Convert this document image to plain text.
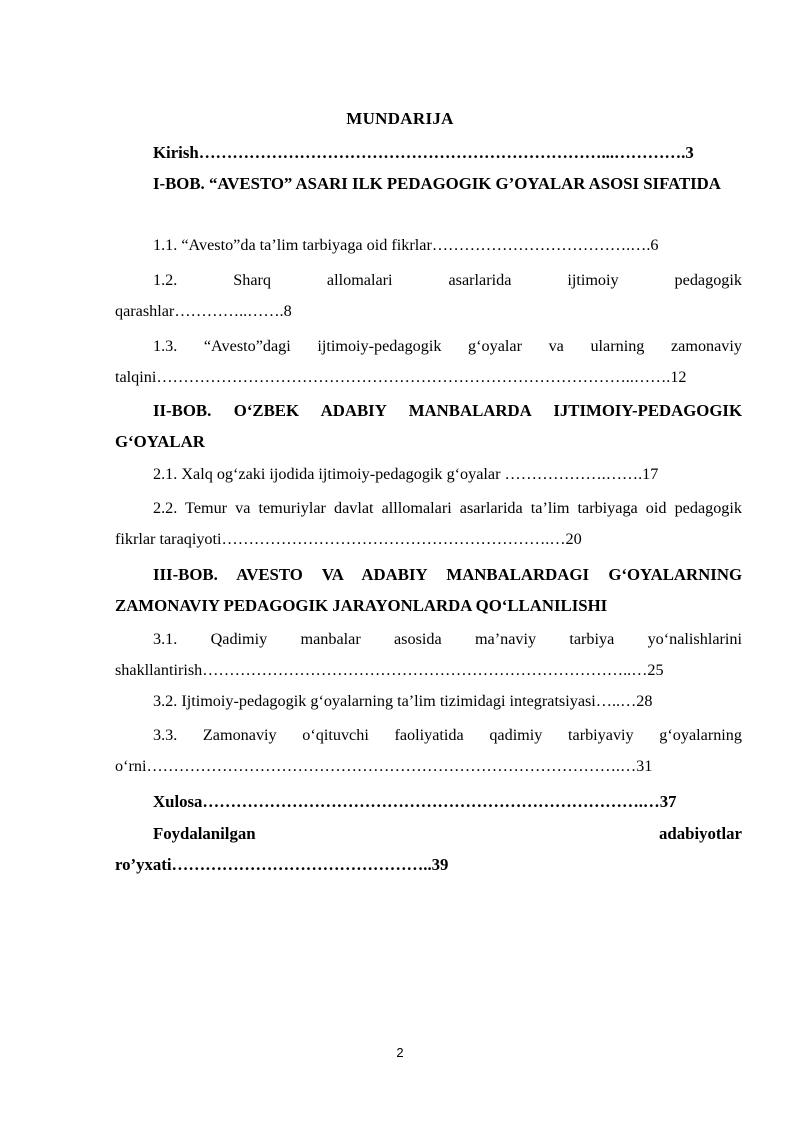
MUNDARIJA
Kirish………………………………………………………………...………….3
I-BOB. “AVESTO” ASARI ILK PEDAGOGIK G’OYALAR ASOSI SIFATIDA
1.1. “Avesto”da ta’lim tarbiyaga oid fikrlar……………………………….….6
1.2. Sharq allomalari asarlarida ijtimoiy pedagogik qarashlar…………..…….8
1.3. “Avesto”dagi ijtimoiy-pedagogik g‘oyalar va ularning zamonaviy talqini……………………………………………………………………………..…….12
II-BOB. O‘ZBEK ADABIY MANBALARDA IJTIMOIY-PEDAGOGIK G‘OYALAR
2.1. Xalq og‘zaki ijodida ijtimoiy-pedagogik g‘oyalar ……………….…….17
2.2. Temur va temuriylar davlat alllomalari asarlarida ta’lim tarbiyaga oid pedagogik fikrlar taraqiyoti…………………………………………………….…20
III-BOB. AVESTO VA ADABIY MANBALARDAGI G‘OYALARNING ZAMONAVIY PEDAGOGIK JARAYONLARDA QO‘LLANILISHI
3.1. Qadimiy manbalar asosida ma’naviy tarbiya yo‘nalishlarini shakllantirish……………………………………………………………………..…25
3.2. Ijtimoiy-pedagogik g‘oyalarning ta’lim tizimidagi integratsiyasi…..…28
3.3. Zamonaviy o‘qituvchi faoliyatida qadimiy tarbiyaviy g‘oyalarning o‘rni…………………………………………………………………………….…31
Xulosa…………………………………………………………………….…37
Foydalanilgan adabiyotlar ro’yxati………………………………………..39
2
